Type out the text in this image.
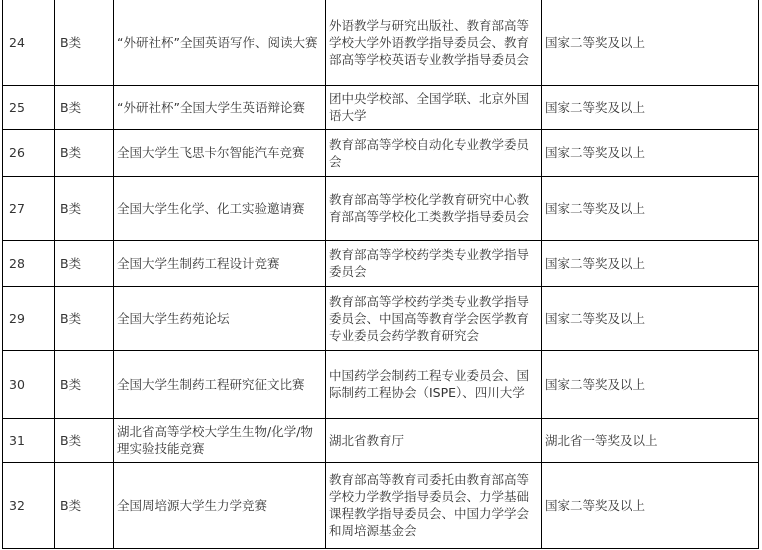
24	B类	“外研社杯”全国英语写作、阅读大赛	外语教学与研究出版社、教育部高等学校大学外语教学指导委员会、教育部高等学校英语专业教学指导委员会	国家二等奖及以上
25	B类	“外研社杯”全国大学生英语辩论赛	团中央学校部、全国学联、北京外国语大学	国家二等奖及以上
26	B类	全国大学生飞思卡尔智能汽车竞赛	教育部高等学校自动化专业教学委员会	国家二等奖及以上
27	B类	全国大学生化学、化工实验邀请赛	教育部高等学校化学教育研究中心教育部高等学校化工类教学指导委员会	国家二等奖及以上
28	B类	全国大学生制药工程设计竞赛	教育部高等学校药学类专业教学指导委员会	国家二等奖及以上
29	B类	全国大学生药苑论坛	教育部高等学校药学类专业教学指导委员会、中国高等教育学会医学教育专业委员会药学教育研究会	国家二等奖及以上
30	B类	全国大学生制药工程研究征文比赛	中国药学会制药工程专业委员会、国际制药工程协会（ISPE）、四川大学	国家二等奖及以上
31	B类	湖北省高等学校大学生生物/化学/物理实验技能竞赛	湖北省教育厅	湖北省一等奖及以上
32	B类	全国周培源大学生力学竞赛	教育部高等教育司委托由教育部高等学校力学教学指导委员会、力学基础课程教学指导委员会、中国力学学会和周培源基金会	国家二等奖及以上
